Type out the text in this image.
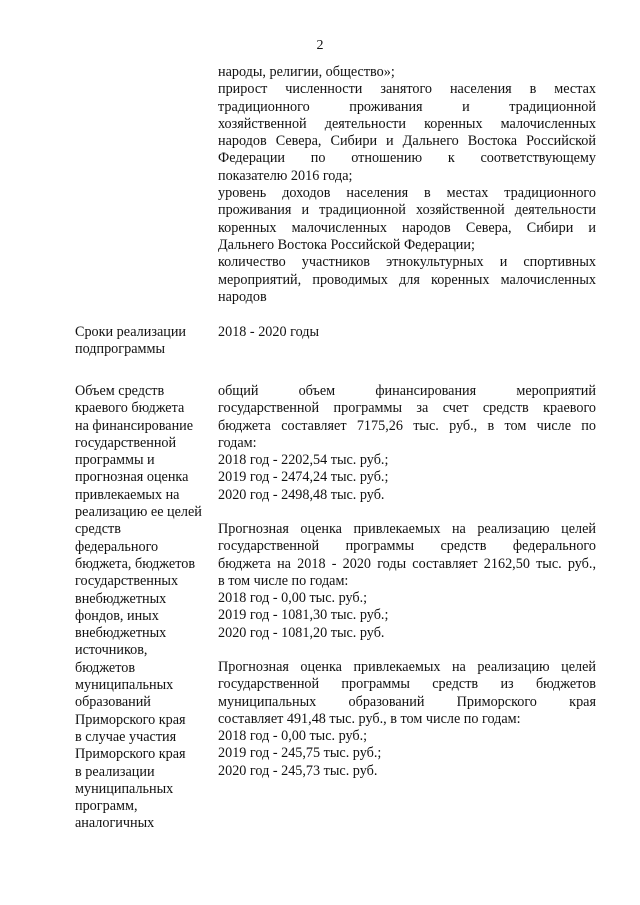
2
народы, религии, общество»;
прирост численности занятого населения в местах
традиционного проживания и традиционной
хозяйственной деятельности коренных малочисленных
народов Севера, Сибири и Дальнего Востока Российской
Федерации по отношению к соответствующему
показателю 2016 года;
уровень доходов населения в местах традиционного
проживания и традиционной хозяйственной деятельности
коренных малочисленных народов Севера, Сибири и
Дальнего Востока Российской Федерации;
количество участников этнокультурных и спортивных
мероприятий, проводимых для коренных малочисленных
народов
Сроки реализации
подпрограммы
2018 - 2020 годы
Объем средств
краевого бюджета
на финансирование
государственной
программы и
прогнозная оценка
привлекаемых на
реализацию ее целей
средств
федерального
бюджета, бюджетов
государственных
внебюджетных
фондов, иных
внебюджетных
источников,
бюджетов
муниципальных
образований
Приморского края
в случае участия
Приморского края
в реализации
муниципальных
программ,
аналогичных
общий объем финансирования мероприятий
государственной программы за счет средств краевого
бюджета составляет 7175,26 тыс. руб., в том числе по
годам:
2018 год - 2202,54 тыс. руб.;
2019 год - 2474,24 тыс. руб.;
2020 год - 2498,48 тыс. руб.
Прогнозная оценка привлекаемых на реализацию целей
государственной программы средств федерального
бюджета на 2018 - 2020 годы составляет 2162,50 тыс. руб.,
в том числе по годам:
2018 год - 0,00 тыс. руб.;
2019 год - 1081,30 тыс. руб.;
2020 год - 1081,20 тыс. руб.
Прогнозная оценка привлекаемых на реализацию целей
государственной программы средств из бюджетов
муниципальных образований Приморского края
составляет 491,48 тыс. руб., в том числе по годам:
2018 год - 0,00 тыс. руб.;
2019 год - 245,75 тыс. руб.;
2020 год - 245,73 тыс. руб.
